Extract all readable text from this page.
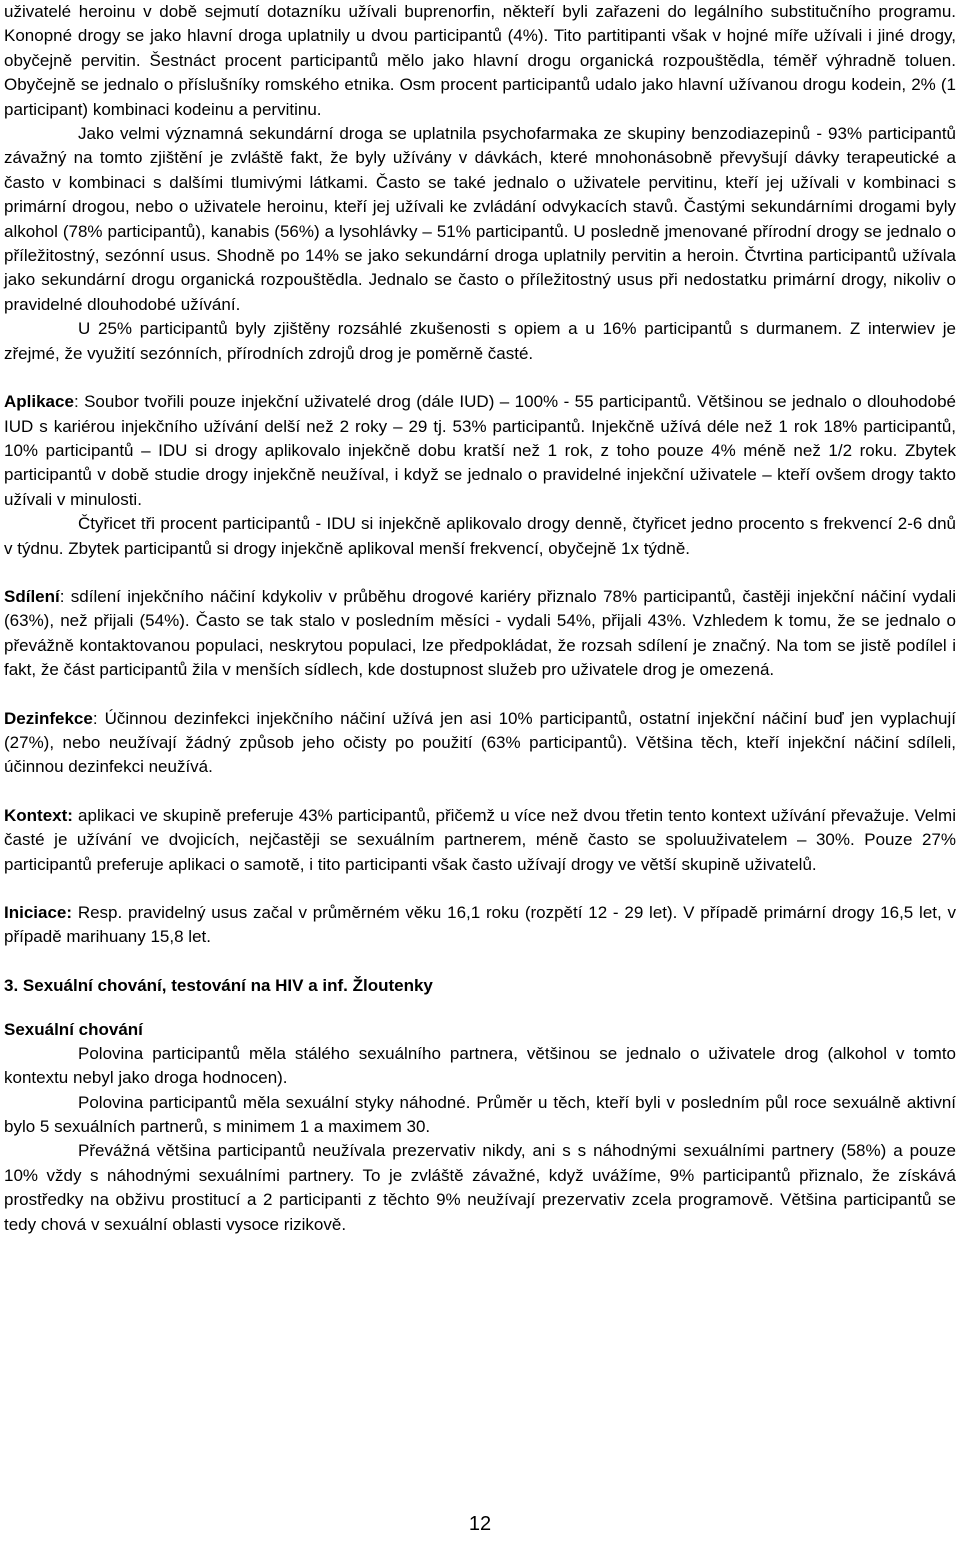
uživatelé heroinu v době sejmutí dotazníku užívali buprenorfin, někteří byli zařazeni do legálního substitučního programu. Konopné drogy se jako hlavní droga uplatnily u dvou participantů (4%). Tito partitipanti však v hojné míře užívali i jiné drogy, obyčejně pervitin. Šestnáct procent participantů mělo jako hlavní drogu organická rozpouštědla, téměř výhradně toluen. Obyčejně se jednalo o příslušníky romského etnika. Osm procent participantů udalo jako hlavní užívanou drogu kodein, 2% (1 participant) kombinaci kodeinu a pervitinu.

Jako velmi významná sekundární droga se uplatnila psychofarmaka ze skupiny benzodiazepinů - 93% participantů závažný na tomto zjištění je zvláště fakt, že byly užívány v dávkách, které mnohonásobně převyšují dávky terapeutické a často v kombinaci s dalšími tlumivými látkami. Často se také jednalo o uživatele pervitinu, kteří jej užívali v kombinaci s primární drogou, nebo o uživatele heroinu, kteří jej užívali ke zvládání odvykacích stavů. Častými sekundárními drogami byly alkohol (78% participantů), kanabis (56%) a lysohlávky – 51% participantů. U posledně jmenované přírodní drogy se jednalo o příležitostný, sezónní usus. Shodně po 14% se jako sekundární droga uplatnily pervitin a heroin. Čtvrtina participantů užívala jako sekundární drogu organická rozpouštědla. Jednalo se často o příležitostný usus při nedostatku primární drogy, nikoliv o pravidelné dlouhodobé užívání.

U 25% participantů byly zjištěny rozsáhlé zkušenosti s opiem a u 16% participantů s durmanem. Z interwiev je zřejmé, že využití sezónních, přírodních zdrojů drog je poměrně časté.

Aplikace: Soubor tvořili pouze injekční uživatelé drog (dále IUD) – 100% - 55 participantů. Většinou se jednalo o dlouhodobé IUD s kariérou injekčního užívání delší než 2 roky – 29 tj. 53% participantů. Injekčně užívá déle než 1 rok 18% participantů, 10% participantů – IDU si drogy aplikovalo injekčně dobu kratší než 1 rok, z toho pouze 4% méně než 1/2 roku. Zbytek participantů v době studie drogy injekčně neužíval, i když se jednalo o pravidelné injekční uživatele – kteří ovšem drogy takto užívali v minulosti.

Čtyřicet tři procent participantů - IDU si injekčně aplikovalo drogy denně, čtyřicet jedno procento s frekvencí 2-6 dnů v týdnu. Zbytek participantů si drogy injekčně aplikoval menší frekvencí, obyčejně 1x týdně.

Sdílení: sdílení injekčního náčiní kdykoliv v průběhu drogové kariéry přiznalo 78% participantů, častěji injekční náčiní vydali (63%), než přijali (54%). Často se tak stalo v posledním měsíci - vydali 54%, přijali 43%. Vzhledem k tomu, že se jednalo o převážně kontaktovanou populaci, neskrytou populaci, lze předpokládat, že rozsah sdílení je značný. Na tom se jistě podílel i fakt, že část participantů žila v menších sídlech, kde dostupnost služeb pro uživatele drog je omezená.

Dezinfekce: Účinnou dezinfekci injekčního náčiní užívá jen asi 10% participantů, ostatní injekční náčiní buď jen vyplachují (27%), nebo neužívají žádný způsob jeho očisty po použití (63% participantů). Většina těch, kteří injekční náčiní sdíleli, účinnou dezinfekci neužívá.

Kontext: aplikaci ve skupině preferuje 43% participantů, přičemž u více než dvou třetin tento kontext užívání převažuje. Velmi časté je užívání ve dvojicích, nejčastěji se sexuálním partnerem, méně často se spoluuživatelem – 30%. Pouze 27% participantů preferuje aplikaci o samotě, i tito participanti však často užívají drogy ve větší skupině uživatelů.

Iniciace: Resp. pravidelný usus začal v průměrném věku 16,1 roku (rozpětí 12 - 29 let). V případě primární drogy 16,5 let, v případě marihuany 15,8 let.

3. Sexuální chování, testování na HIV a inf. Žloutenky
Sexuální chování

Polovina participantů měla stálého sexuálního partnera, většinou se jednalo o uživatele drog (alkohol v tomto kontextu nebyl jako droga hodnocen).

Polovina participantů měla sexuální styky náhodné. Průměr u těch, kteří byli v posledním půl roce sexuálně aktivní bylo 5 sexuálních partnerů, s minimem 1 a maximem 30.

Převážná většina participantů neužívala prezervativ nikdy, ani s s náhodnými sexuálními partnery (58%) a pouze 10% vždy s náhodnými sexuálními partnery. To je zvláště závažné, když uvážíme, 9% participantů přiznalo, že získává prostředky na obživu prostitucí a 2 participanti z těchto 9% neužívají prezervativ zcela programově. Většina participantů se tedy chová v sexuální oblasti vysoce rizikově.

12
